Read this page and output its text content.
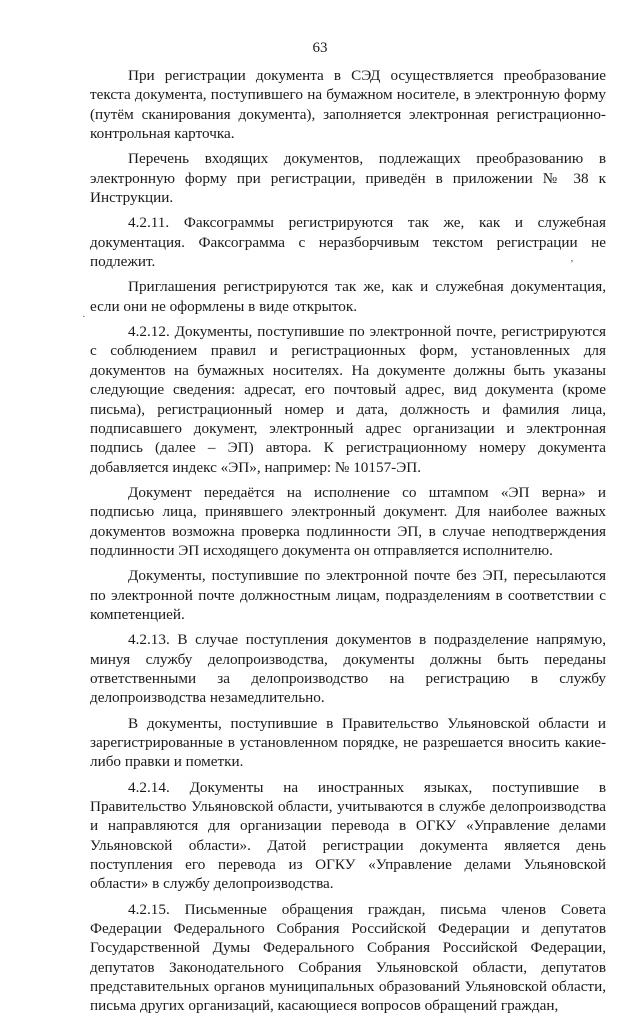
63

При регистрации документа в СЭД осуществляется преобразование текста документа, поступившего на бумажном носителе, в электронную форму (путём сканирования документа), заполняется электронная регистрационно-контрольная карточка.

Перечень входящих документов, подлежащих преобразованию в электронную форму при регистрации, приведён в приложении № 38 к Инструкции.

4.2.11. Факсограммы регистрируются так же, как и служебная документация. Факсограмма с неразборчивым текстом регистрации не подлежит.

Приглашения регистрируются так же, как и служебная документация, если они не оформлены в виде открыток.

4.2.12. Документы, поступившие по электронной почте, регистрируются с соблюдением правил и регистрационных форм, установленных для документов на бумажных носителях. На документе должны быть указаны следующие сведения: адресат, его почтовый адрес, вид документа (кроме письма), регистрационный номер и дата, должность и фамилия лица, подписавшего документ, электронный адрес организации и электронная подпись (далее – ЭП) автора. К регистрационному номеру документа добавляется индекс «ЭП», например: № 10157-ЭП.

Документ передаётся на исполнение со штампом «ЭП верна» и подписью лица, принявшего электронный документ. Для наиболее важных документов возможна проверка подлинности ЭП, в случае неподтверждения подлинности ЭП исходящего документа он отправляется исполнителю.

Документы, поступившие по электронной почте без ЭП, пересылаются по электронной почте должностным лицам, подразделениям в соответствии с компетенцией.

4.2.13. В случае поступления документов в подразделение напрямую, минуя службу делопроизводства, документы должны быть переданы ответственными за делопроизводство на регистрацию в службу делопроизводства незамедлительно.

В документы, поступившие в Правительство Ульяновской области и зарегистрированные в установленном порядке, не разрешается вносить какие-либо правки и пометки.

4.2.14. Документы на иностранных языках, поступившие в Правительство Ульяновской области, учитываются в службе делопроизводства и направляются для организации перевода в ОГКУ «Управление делами Ульяновской области». Датой регистрации документа является день поступления его перевода из ОГКУ «Управление делами Ульяновской области» в службу делопроизводства.

4.2.15. Письменные обращения граждан, письма членов Совета Федерации Федерального Собрания Российской Федерации и депутатов Государственной Думы Федерального Собрания Российской Федерации, депутатов Законодательного Собрания Ульяновской области, депутатов представительных органов муниципальных образований Ульяновской области, письма других организаций, касающиеся вопросов обращений граждан,

·
‚
